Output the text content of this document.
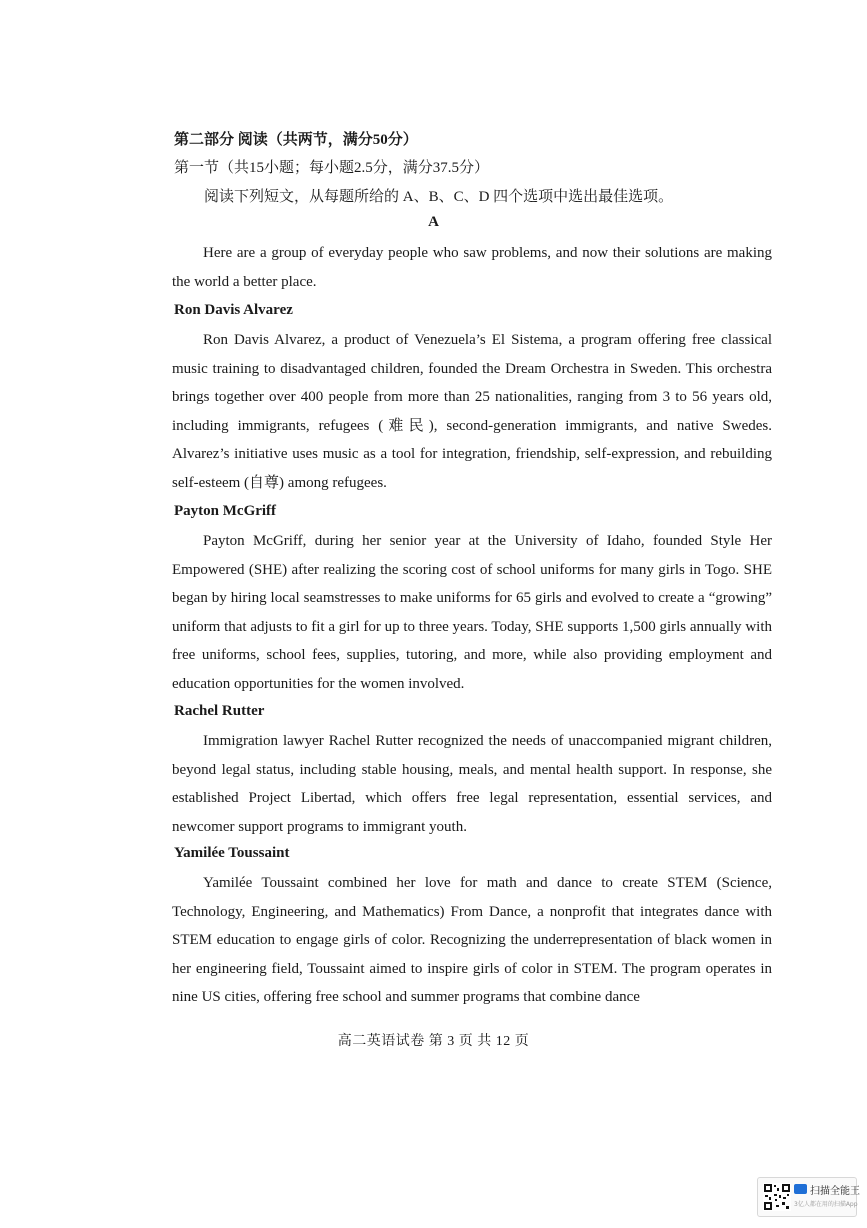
第二部分 阅读（共两节，满分50分）
第一节（共15小题；每小题2.5分，满分37.5分）
阅读下列短文，从每题所给的 A、B、C、D 四个选项中选出最佳选项。
A

Here are a group of everyday people who saw problems, and now their solutions are making the world a better place.

Ron Davis Alvarez

Ron Davis Alvarez, a product of Venezuela’s El Sistema, a program offering free classical music training to disadvantaged children, founded the Dream Orchestra in Sweden. This orchestra brings together over 400 people from more than 25 nationalities, ranging from 3 to 56 years old, including immigrants, refugees (难民), second-generation immigrants, and native Swedes. Alvarez’s initiative uses music as a tool for integration, friendship, self-expression, and rebuilding self-esteem (自尊) among refugees.

Payton McGriff

Payton McGriff, during her senior year at the University of Idaho, founded Style Her Empowered (SHE) after realizing the scoring cost of school uniforms for many girls in Togo. SHE began by hiring local seamstresses to make uniforms for 65 girls and evolved to create a “growing” uniform that adjusts to fit a girl for up to three years. Today, SHE supports 1,500 girls annually with free uniforms, school fees, supplies, tutoring, and more, while also providing employment and education opportunities for the women involved.

Rachel Rutter

Immigration lawyer Rachel Rutter recognized the needs of unaccompanied migrant children, beyond legal status, including stable housing, meals, and mental health support. In response, she established Project Libertad, which offers free legal representation, essential services, and newcomer support programs to immigrant youth.

Yamilée Toussaint

Yamilée Toussaint combined her love for math and dance to create STEM (Science, Technology, Engineering, and Mathematics) From Dance, a nonprofit that integrates dance with STEM education to engage girls of color. Recognizing the underrepresentation of black women in her engineering field, Toussaint aimed to inspire girls of color in STEM. The program operates in nine US cities, offering free school and summer programs that combine dance

高二英语试卷 第 3 页 共 12 页
扫描全能王
3亿人都在用的扫描App
